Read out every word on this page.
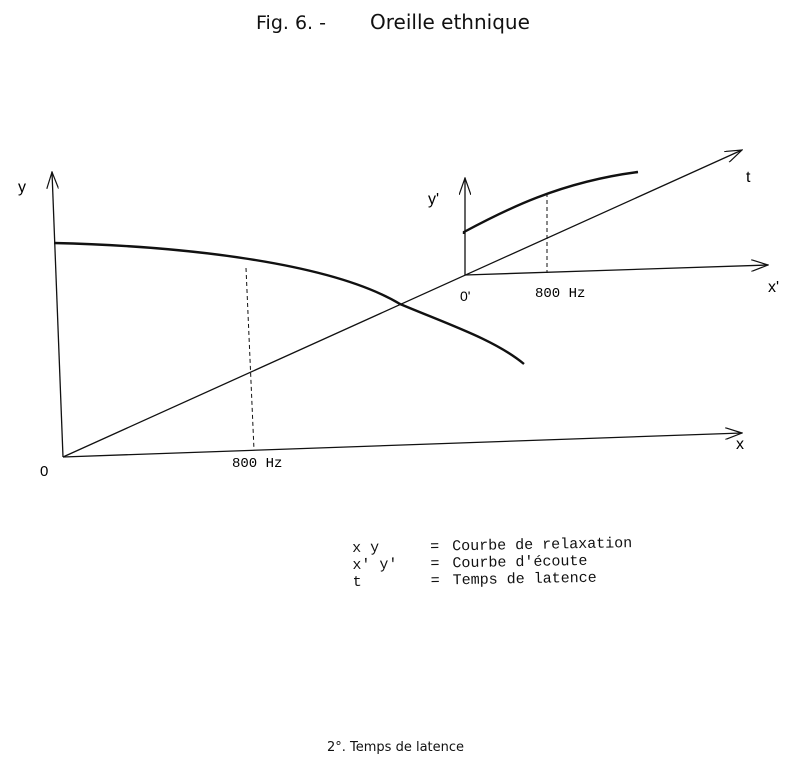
Fig. 6. - Oreille ethnique
y
x
0
t
y'
x'
0'
800 Hz
800 Hz
x y	= Courbe de relaxation
x' y'	= Courbe d'écoute
t	= Temps de latence
2°. Temps de latence
